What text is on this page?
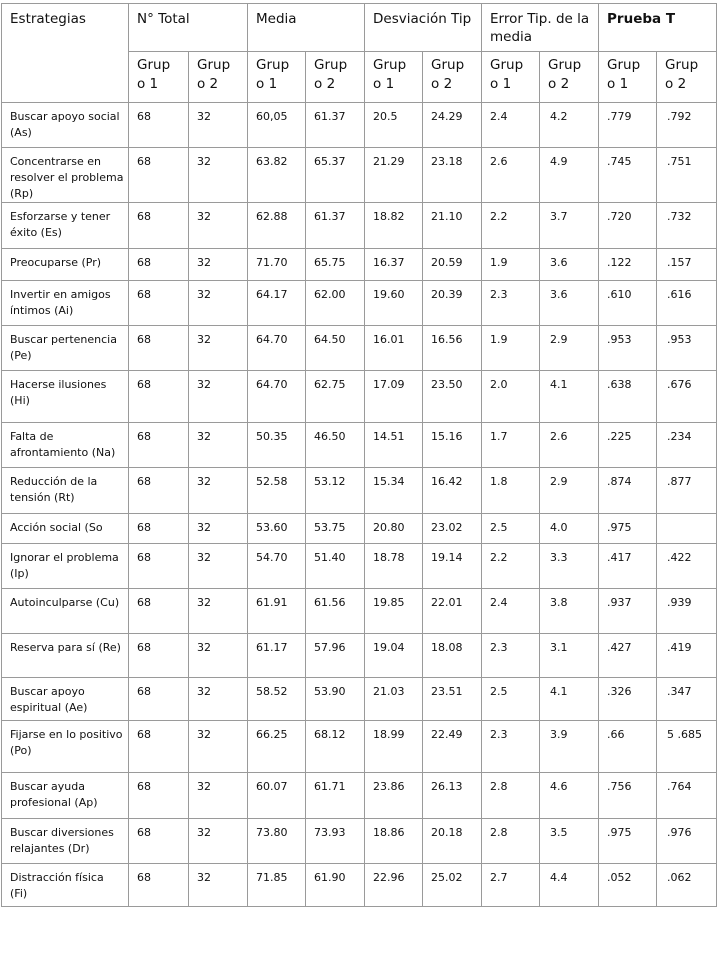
Estrategias	N° Total		Media		Desviación Tip		Error Tip. de la media		Prueba T	
	Grup o 1	Grup o 2	Grup o 1	Grup o 2	Grup o 1	Grup o 2	Grup o 1	Grup o 2	Grup o 1	Grup o 2
Buscar apoyo social (As)	68	32	60,05	61.37	20.5	24.29	2.4	4.2	.779	.792
Concentrarse en resolver el problema (Rp)	68	32	63.82	65.37	21.29	23.18	2.6	4.9	.745	.751
Esforzarse y tener éxito (Es)	68	32	62.88	61.37	18.82	21.10	2.2	3.7	.720	.732
Preocuparse (Pr)	68	32	71.70	65.75	16.37	20.59	1.9	3.6	.122	.157
Invertir en amigos íntimos (Ai)	68	32	64.17	62.00	19.60	20.39	2.3	3.6	.610	.616
Buscar pertenencia (Pe)	68	32	64.70	64.50	16.01	16.56	1.9	2.9	.953	.953
Hacerse ilusiones (Hi)	68	32	64.70	62.75	17.09	23.50	2.0	4.1	.638	.676
Falta de afrontamiento (Na)	68	32	50.35	46.50	14.51	15.16	1.7	2.6	.225	.234
Reducción de la tensión (Rt)	68	32	52.58	53.12	15.34	16.42	1.8	2.9	.874	.877
Acción social (So	68	32	53.60	53.75	20.80	23.02	2.5	4.0	.975	
Ignorar el problema (Ip)	68	32	54.70	51.40	18.78	19.14	2.2	3.3	.417	.422
Autoinculparse (Cu)	68	32	61.91	61.56	19.85	22.01	2.4	3.8	.937	.939
Reserva para sí (Re)	68	32	61.17	57.96	19.04	18.08	2.3	3.1	.427	.419
Buscar apoyo espiritual (Ae)	68	32	58.52	53.90	21.03	23.51	2.5	4.1	.326	.347
Fijarse en lo positivo (Po)	68	32	66.25	68.12	18.99	22.49	2.3	3.9	.66	5 .685
Buscar ayuda profesional (Ap)	68	32	60.07	61.71	23.86	26.13	2.8	4.6	.756	.764
Buscar diversiones relajantes (Dr)	68	32	73.80	73.93	18.86	20.18	2.8	3.5	.975	.976
Distracción física (Fi)	68	32	71.85	61.90	22.96	25.02	2.7	4.4	.052	.062
